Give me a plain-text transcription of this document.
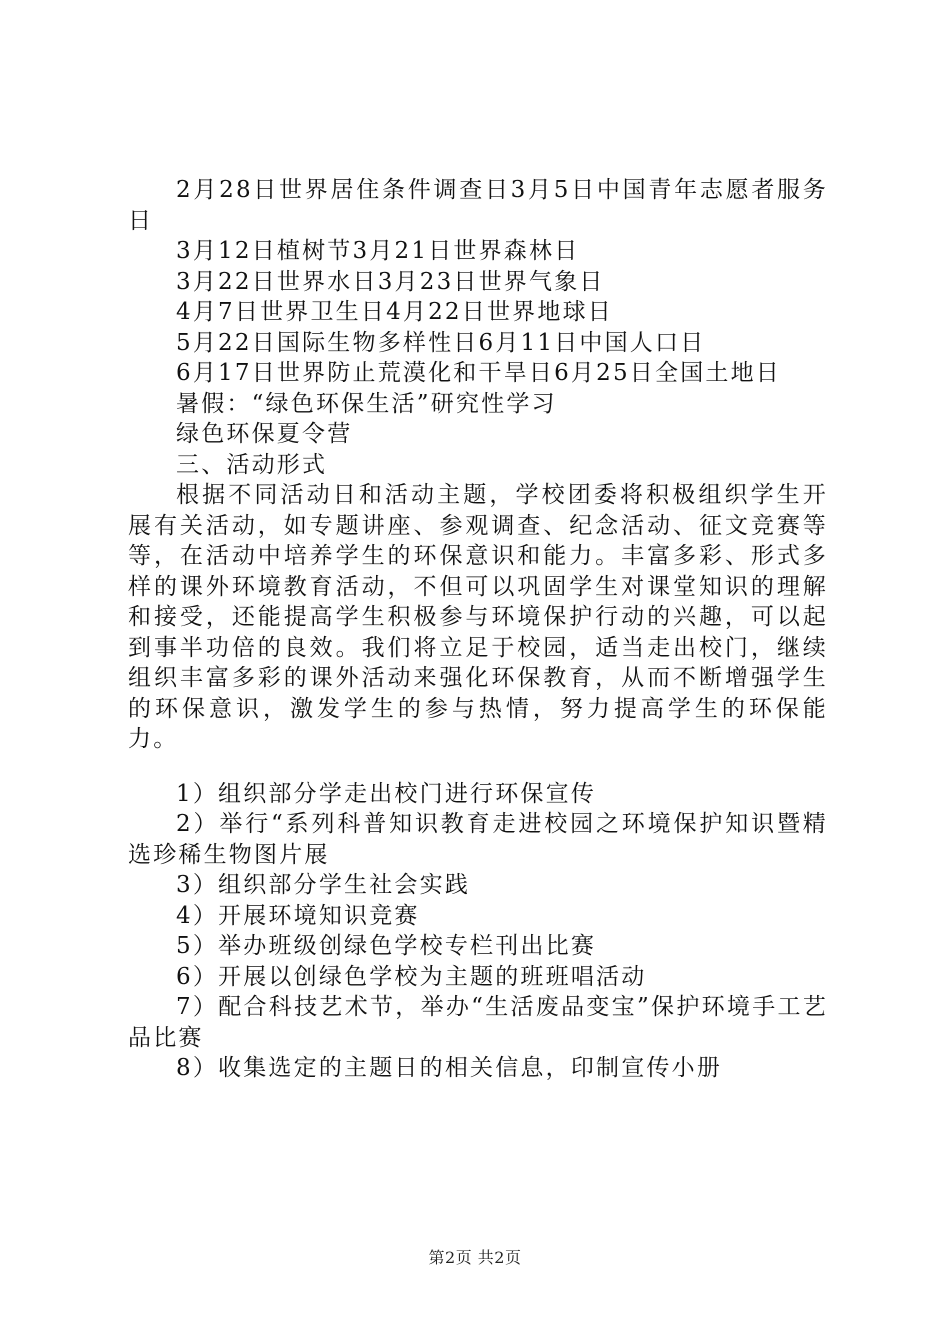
2月28日世界居住条件调查日3月5日中国青年志愿者服务日

3月12日植树节3月21日世界森林日

3月22日世界水日3月23日世界气象日

4月7日世界卫生日4月22日世界地球日

5月22日国际生物多样性日6月11日中国人口日

6月17日世界防止荒漠化和干旱日6月25日全国土地日

暑假：“绿色环保生活”研究性学习

绿色环保夏令营

三、活动形式

根据不同活动日和活动主题，学校团委将积极组织学生开展有关活动，如专题讲座、参观调查、纪念活动、征文竞赛等等，在活动中培养学生的环保意识和能力。丰富多彩、形式多样的课外环境教育活动，不但可以巩固学生对课堂知识的理解和接受，还能提高学生积极参与环境保护行动的兴趣，可以起到事半功倍的良效。我们将立足于校园，适当走出校门，继续组织丰富多彩的课外活动来强化环保教育，从而不断增强学生的环保意识，激发学生的参与热情，努力提高学生的环保能力。

1）组织部分学走出校门进行环保宣传

2）举行“系列科普知识教育走进校园之环境保护知识暨精选珍稀生物图片展

3）组织部分学生社会实践

4）开展环境知识竞赛

5）举办班级创绿色学校专栏刊出比赛

6）开展以创绿色学校为主题的班班唱活动

7）配合科技艺术节，举办“生活废品变宝”保护环境手工艺品比赛

8）收集选定的主题日的相关信息，印制宣传小册

第2页 共2页
